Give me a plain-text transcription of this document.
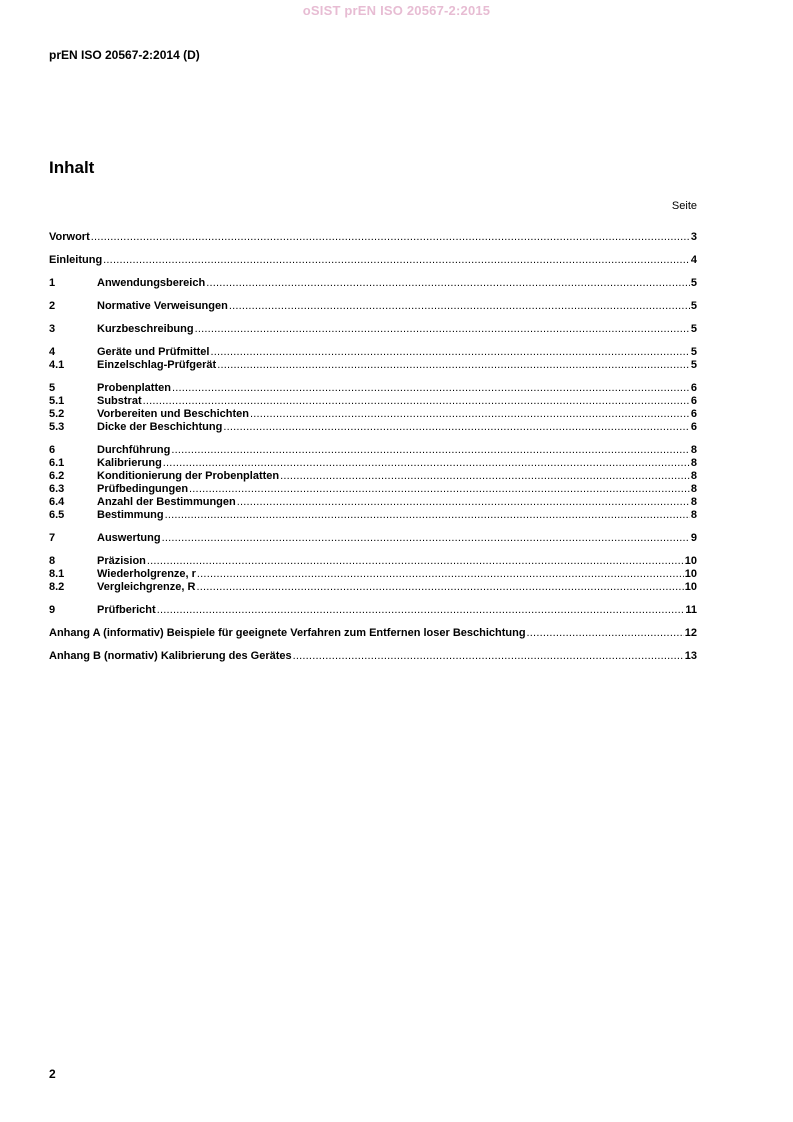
oSIST prEN ISO 20567-2:2015
prEN ISO 20567-2:2014 (D)
Inhalt
Seite
Vorwort .....	3
Einleitung .....	4
1	Anwendungsbereich .....	5
2	Normative Verweisungen .....	5
3	Kurzbeschreibung .....	5
4	Geräte und Prüfmittel .....	5
4.1	Einzelschlag-Prüfgerät .....	5
5	Probenplatten .....	6
5.1	Substrat .....	6
5.2	Vorbereiten und Beschichten .....	6
5.3	Dicke der Beschichtung .....	6
6	Durchführung .....	8
6.1	Kalibrierung .....	8
6.2	Konditionierung der Probenplatten .....	8
6.3	Prüfbedingungen .....	8
6.4	Anzahl der Bestimmungen .....	8
6.5	Bestimmung .....	8
7	Auswertung .....	9
8	Präzision .....	10
8.1	Wiederholgrenze, r .....	10
8.2	Vergleichgrenze, R .....	10
9	Prüfbericht .....	11
Anhang A (informativ) Beispiele für geeignete Verfahren zum Entfernen loser Beschichtung .....	12
Anhang B (normativ) Kalibrierung des Gerätes .....	13
2
